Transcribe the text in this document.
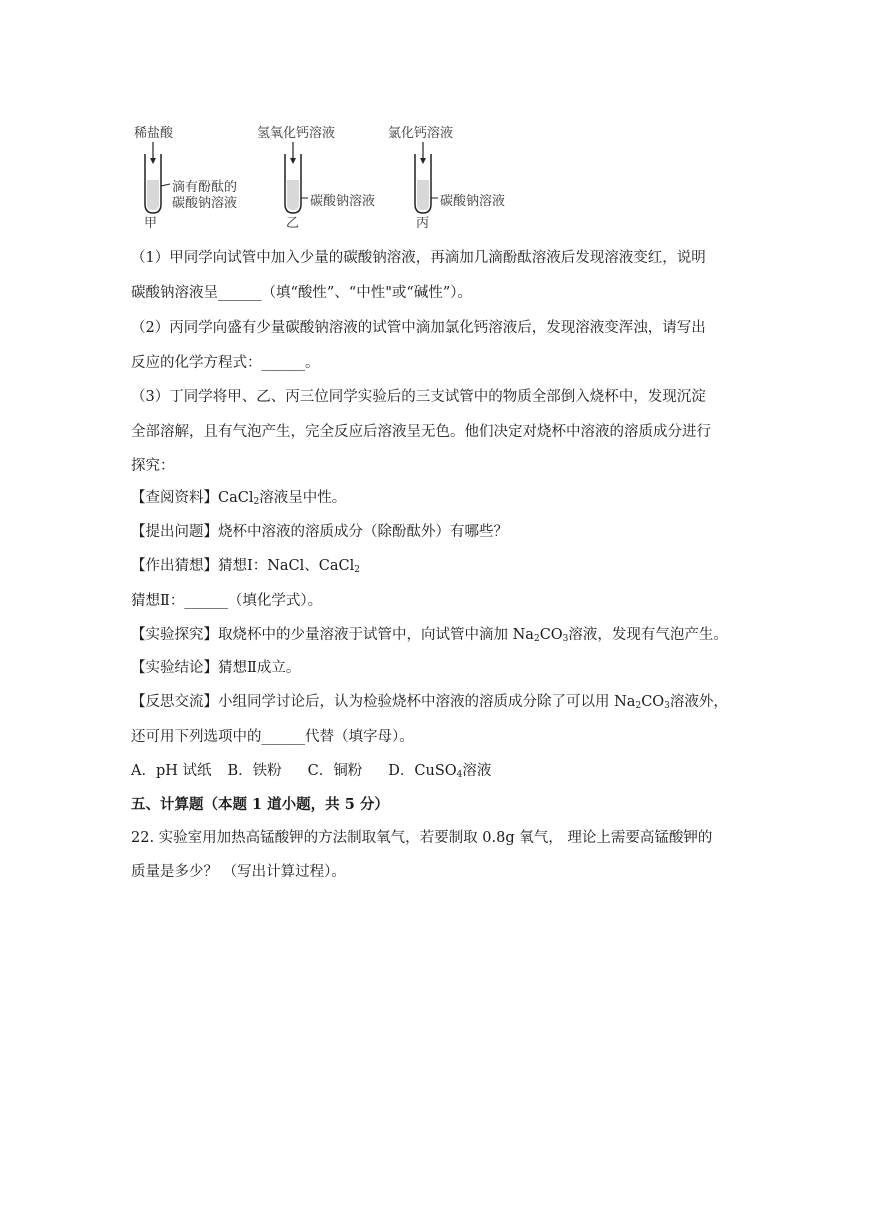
稀盐酸	氢氧化钙溶液	氯化钙溶液
滴有酚酞的
碳酸钠溶液	碳酸钠溶液	碳酸钠溶液
甲	乙	丙
（1）甲同学向试管中加入少量的碳酸钠溶液，再滴加几滴酚酞溶液后发现溶液变红，说明
碳酸钠溶液呈______（填“酸性”、“中性"或“碱性”）。
（2）丙同学向盛有少量碳酸钠溶液的试管中滴加氯化钙溶液后，发现溶液变浑浊，请写出
反应的化学方程式：______。
（3）丁同学将甲、乙、丙三位同学实验后的三支试管中的物质全部倒入烧杯中，发现沉淀
全部溶解，且有气泡产生，完全反应后溶液呈无色。他们决定对烧杯中溶液的溶质成分进行
探究：
【查阅资料】CaCl$_2$溶液呈中性。
【提出问题】烧杯中溶液的溶质成分（除酚酞外）有哪些？
【作出猜想】猜想Ⅰ：NaCl、CaCl$_2$
猜想Ⅱ：______（填化学式）。
【实验探究】取烧杯中的少量溶液于试管中，向试管中滴加 $Na_2CO_3$溶液，发现有气泡产生。
【实验结论】猜想Ⅱ成立。
【反思交流】小组同学讨论后，认为检验烧杯中溶液的溶质成分除了可以用 $Na_2CO_3$溶液外，
还可用下列选项中的______代替（填字母）。
A．pH 试纸 B．铁粉 C．铜粉 D．CuSO$_4$溶液
五、计算题（本题 1 道小题，共 5 分）
22. 实验室用加热高锰酸钾的方法制取氧气，若要制取 0.8g 氧气， 理论上需要高锰酸钾的
质量是多少？ （写出计算过程）。
